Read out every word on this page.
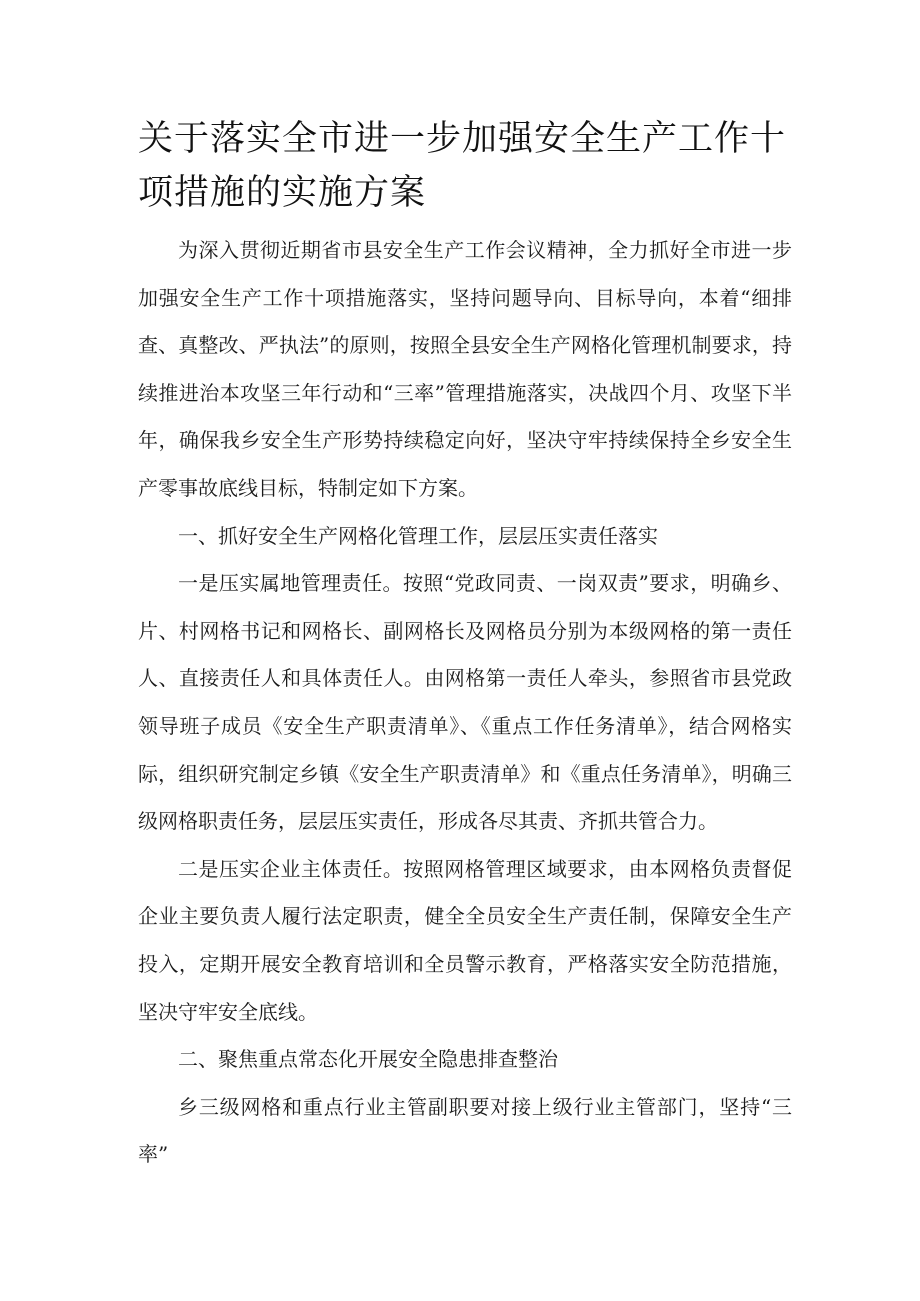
关于落实全市进一步加强安全生产工作十项措施的实施方案

为深入贯彻近期省市县安全生产工作会议精神，全力抓好全市进一步加强安全生产工作十项措施落实，坚持问题导向、目标导向，本着“细排查、真整改、严执法”的原则，按照全县安全生产网格化管理机制要求，持续推进治本攻坚三年行动和“三率”管理措施落实，决战四个月、攻坚下半年，确保我乡安全生产形势持续稳定向好，坚决守牢持续保持全乡安全生产零事故底线目标，特制定如下方案。

一、抓好安全生产网格化管理工作，层层压实责任落实

一是压实属地管理责任。按照“党政同责、一岗双责”要求，明确乡、片、村网格书记和网格长、副网格长及网格员分别为本级网格的第一责任人、直接责任人和具体责任人。由网格第一责任人牵头，参照省市县党政领导班子成员《安全生产职责清单》、《重点工作任务清单》，结合网格实际，组织研究制定乡镇《安全生产职责清单》和《重点任务清单》，明确三级网格职责任务，层层压实责任，形成各尽其责、齐抓共管合力。

二是压实企业主体责任。按照网格管理区域要求，由本网格负责督促企业主要负责人履行法定职责，健全全员安全生产责任制，保障安全生产投入，定期开展安全教育培训和全员警示教育，严格落实安全防范措施，坚决守牢安全底线。

二、聚焦重点常态化开展安全隐患排查整治

乡三级网格和重点行业主管副职要对接上级行业主管部门，坚持“三率”
